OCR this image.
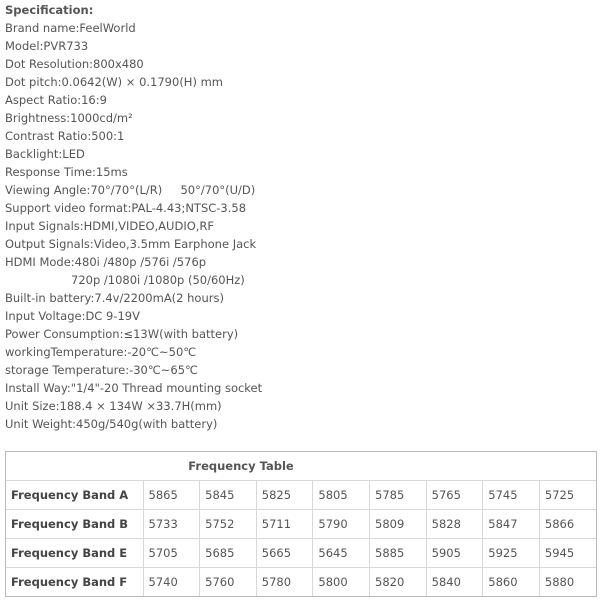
Specification:
Brand name:FeelWorld
Model:PVR733
Dot Resolution:800x480
Dot pitch:0.0642(W) × 0.1790(H) mm
Aspect Ratio:16:9
Brightness:1000cd/m²
Contrast Ratio:500:1
Backlight:LED
Response Time:15ms
Viewing Angle:70°/70°(L/R)     50°/70°(U/D)
Support video format:PAL-4.43;NTSC-3.58
Input Signals:HDMI,VIDEO,AUDIO,RF
Output Signals:Video,3.5mm Earphone Jack
HDMI Mode:480i /480p /576i /576p
720p /1080i /1080p (50/60Hz)
Built-in battery:7.4v/2200mA(2 hours)
Input Voltage:DC 9-19V
Power Consumption:≤13W(with battery)
workingTemperature:-20℃~50℃
storage Temperature:-30℃~65℃
Install Way:"1/4"-20 Thread mounting socket
Unit Size:188.4 × 134W ×33.7H(mm)
Unit Weight:450g/540g(with battery)
Frequency Table								
Frequency Band A	5865	5845	5825	5805	5785	5765	5745	5725
Frequency Band B	5733	5752	5711	5790	5809	5828	5847	5866
Frequency Band E	5705	5685	5665	5645	5885	5905	5925	5945
Frequency Band F	5740	5760	5780	5800	5820	5840	5860	5880
